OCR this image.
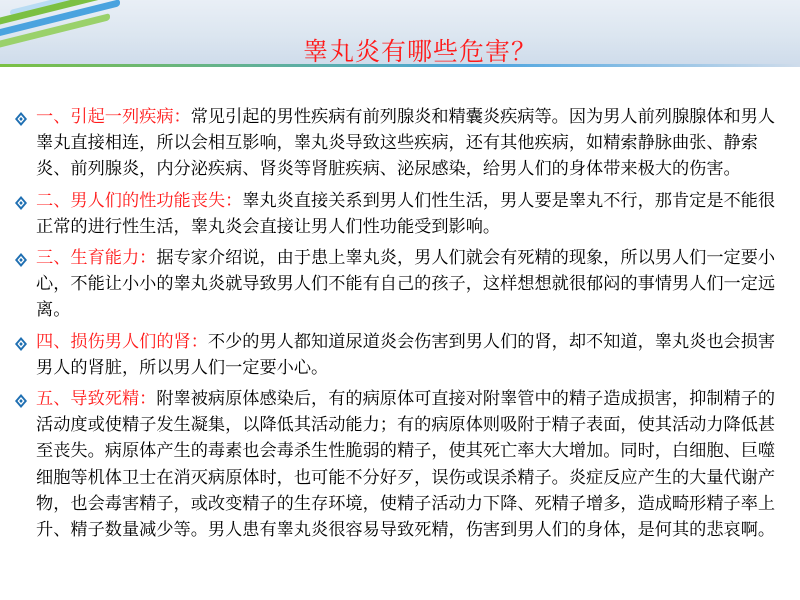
睾丸炎有哪些危害？
一、引起一列疾病：常见引起的男性疾病有前列腺炎和精囊炎疾病等。因为男人前列腺腺体和男人睾丸直接相连，所以会相互影响，睾丸炎导致这些疾病，还有其他疾病，如精索静脉曲张、静索炎、前列腺炎，内分泌疾病、肾炎等肾脏疾病、泌尿感染，给男人们的身体带来极大的伤害。
二、男人们的性功能丧失：睾丸炎直接关系到男人们性生活，男人要是睾丸不行，那肯定是不能很正常的进行性生活，睾丸炎会直接让男人们性功能受到影响。
三、生育能力：据专家介绍说，由于患上睾丸炎，男人们就会有死精的现象，所以男人们一定要小心，不能让小小的睾丸炎就导致男人们不能有自己的孩子，这样想想就很郁闷的事情男人们一定远离。
四、损伤男人们的肾：不少的男人都知道尿道炎会伤害到男人们的肾，却不知道，睾丸炎也会损害男人的肾脏，所以男人们一定要小心。
五、导致死精：附睾被病原体感染后，有的病原体可直接对附睾管中的精子造成损害，抑制精子的活动度或使精子发生凝集，以降低其活动能力；有的病原体则吸附于精子表面，使其活动力降低甚至丧失。病原体产生的毒素也会毒杀生性脆弱的精子，使其死亡率大大增加。同时，白细胞、巨噬细胞等机体卫士在消灭病原体时，也可能不分好歹，误伤或误杀精子。炎症反应产生的大量代谢产物，也会毒害精子，或改变精子的生存环境，使精子活动力下降、死精子增多，造成畸形精子率上升、精子数量减少等。男人患有睾丸炎很容易导致死精，伤害到男人们的身体，是何其的悲哀啊。
